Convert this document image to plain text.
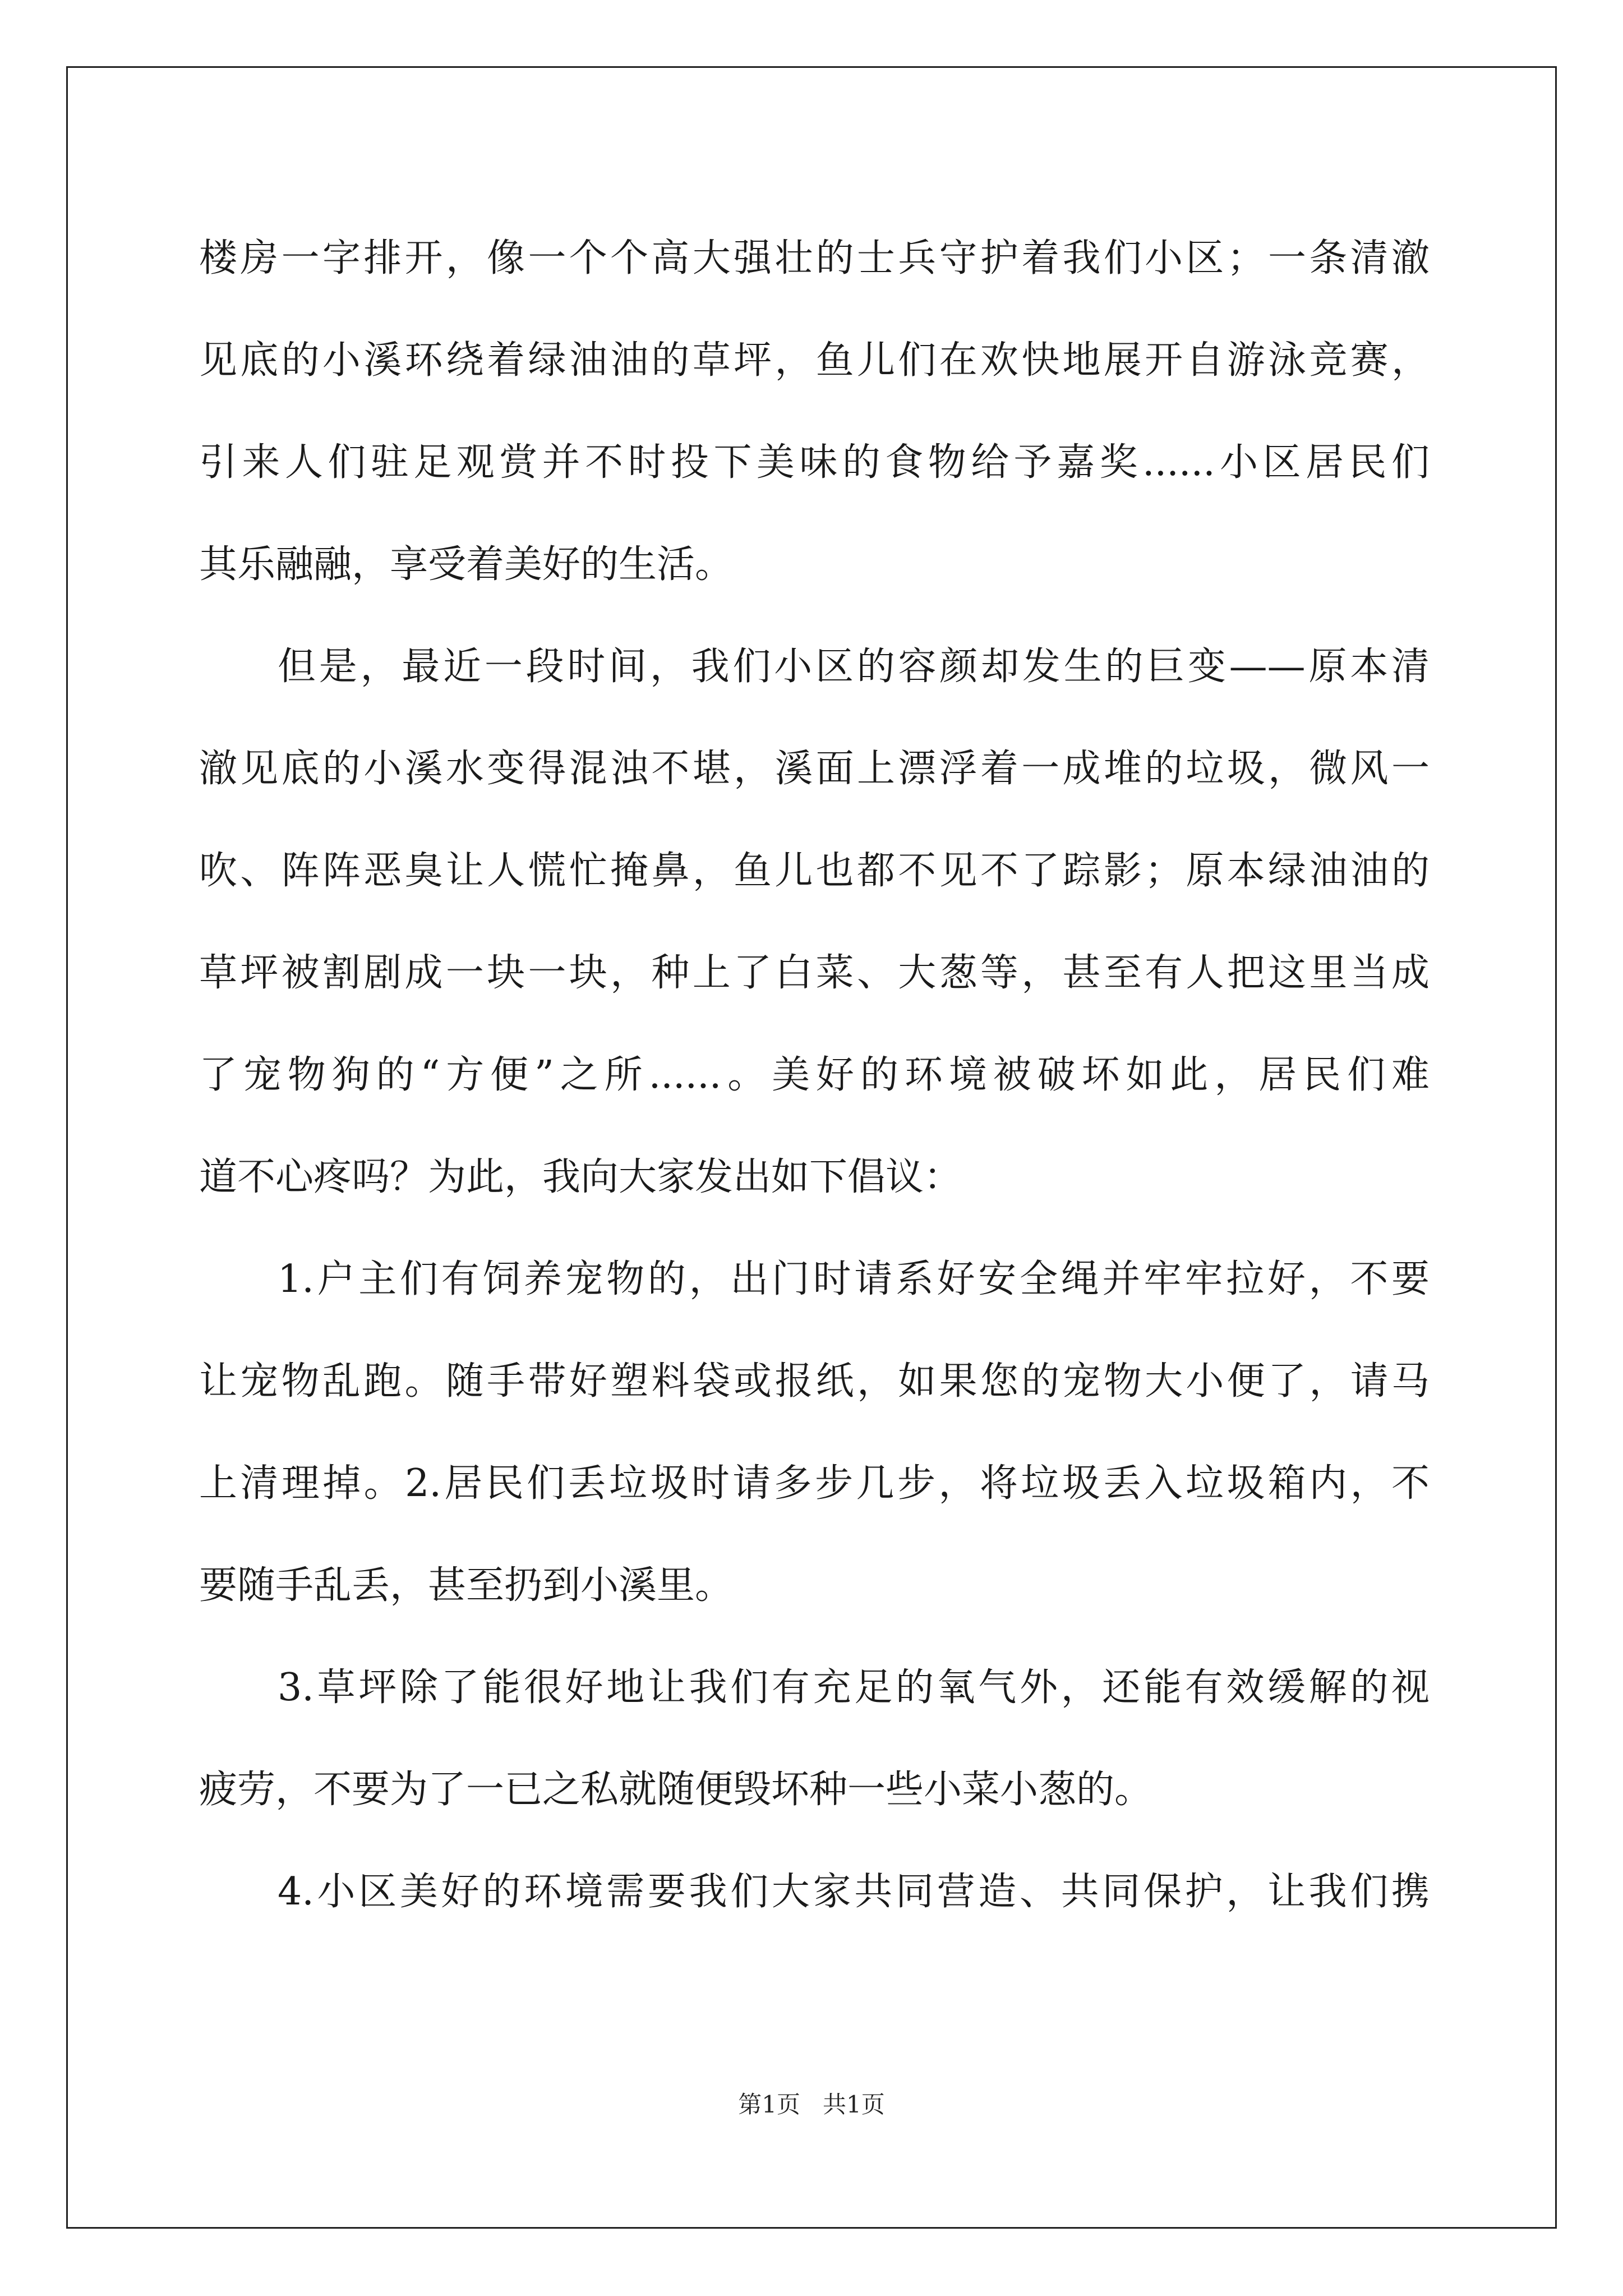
楼房一字排开，像一个个高大强壮的士兵守护着我们小区；一条清澈
见底的小溪环绕着绿油油的草坪，鱼儿们在欢快地展开自游泳竞赛，
引来人们驻足观赏并不时投下美味的食物给予嘉奖......小区居民们
其乐融融，享受着美好的生活。
但是，最近一段时间，我们小区的容颜却发生的巨变——原本清
澈见底的小溪水变得混浊不堪，溪面上漂浮着一成堆的垃圾，微风一
吹、阵阵恶臭让人慌忙掩鼻，鱼儿也都不见不了踪影；原本绿油油的
草坪被割剧成一块一块，种上了白菜、大葱等，甚至有人把这里当成
了宠物狗的“方便”之所......。美好的环境被破坏如此，居民们难
道不心疼吗？为此，我向大家发出如下倡议：
1.户主们有饲养宠物的，出门时请系好安全绳并牢牢拉好，不要
让宠物乱跑。随手带好塑料袋或报纸，如果您的宠物大小便了，请马
上清理掉。2.居民们丢垃圾时请多步几步，将垃圾丢入垃圾箱内，不
要随手乱丢，甚至扔到小溪里。
3.草坪除了能很好地让我们有充足的氧气外，还能有效缓解的视
疲劳，不要为了一已之私就随便毁坏种一些小菜小葱的。
4.小区美好的环境需要我们大家共同营造、共同保护，让我们携
第1页 共1页
